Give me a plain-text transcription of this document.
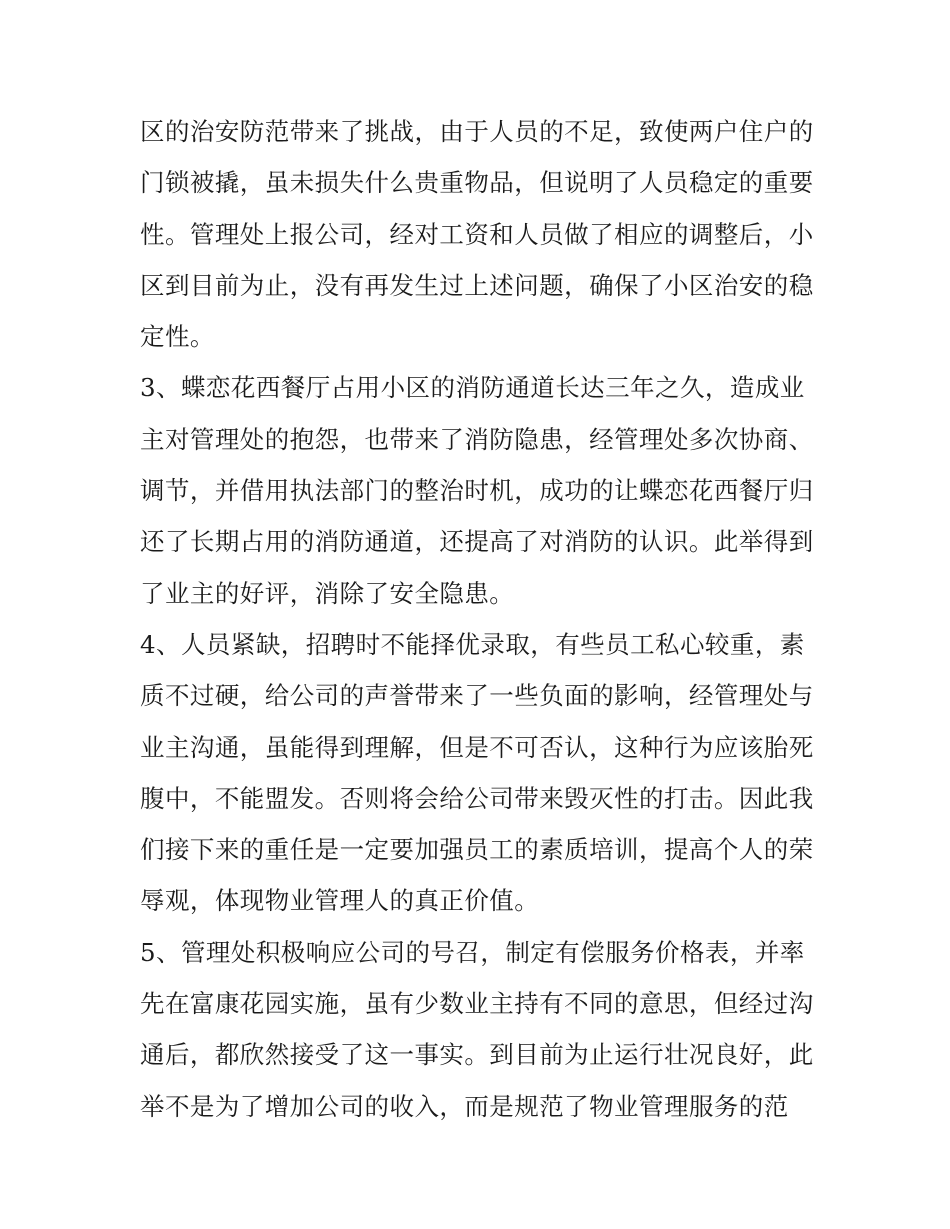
区的治安防范带来了挑战，由于人员的不足，致使两户住户的
门锁被撬，虽未损失什么贵重物品，但说明了人员稳定的重要
性。管理处上报公司，经对工资和人员做了相应的调整后，小
区到目前为止，没有再发生过上述问题，确保了小区治安的稳
定性。
3、蝶恋花西餐厅占用小区的消防通道长达三年之久，造成业
主对管理处的抱怨，也带来了消防隐患，经管理处多次协商、
调节，并借用执法部门的整治时机，成功的让蝶恋花西餐厅归
还了长期占用的消防通道，还提高了对消防的认识。此举得到
了业主的好评，消除了安全隐患。
4、人员紧缺，招聘时不能择优录取，有些员工私心较重，素
质不过硬，给公司的声誉带来了一些负面的影响，经管理处与
业主沟通，虽能得到理解，但是不可否认，这种行为应该胎死
腹中，不能盟发。否则将会给公司带来毁灭性的打击。因此我
们接下来的重任是一定要加强员工的素质培训，提高个人的荣
辱观，体现物业管理人的真正价值。
5、管理处积极响应公司的号召，制定有偿服务价格表，并率
先在富康花园实施，虽有少数业主持有不同的意思，但经过沟
通后，都欣然接受了这一事实。到目前为止运行壮况良好，此
举不是为了增加公司的收入，而是规范了物业管理服务的范
